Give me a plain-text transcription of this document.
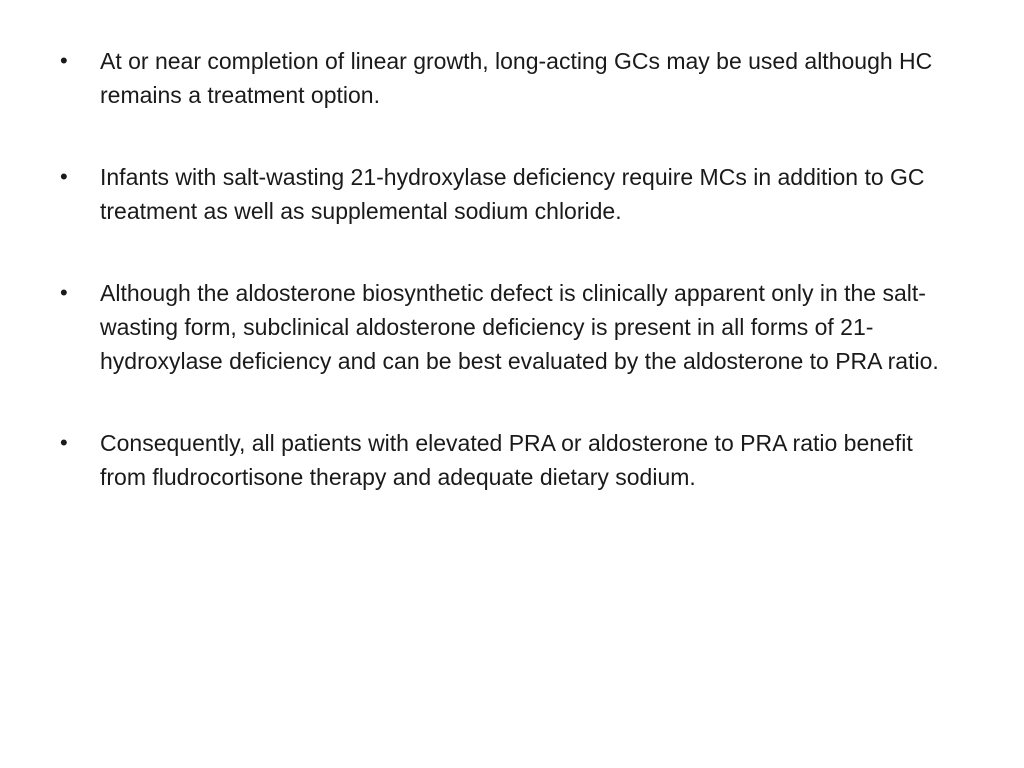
•	At or near completion of linear growth, long-acting GCs may be used although HC remains a treatment option.
•	Infants with salt-wasting 21-hydroxylase deficiency require MCs in addition to GC treatment as well as supplemental sodium chloride.
•	Although the aldosterone biosynthetic defect is clinically apparent only in the salt-wasting form, subclinical aldosterone deficiency is present in all forms of 21-hydroxylase deficiency and can be best evaluated by the aldosterone to PRA ratio.
•	Consequently, all patients with elevated PRA or aldosterone to PRA ratio benefit from fludrocortisone therapy and adequate dietary sodium.
